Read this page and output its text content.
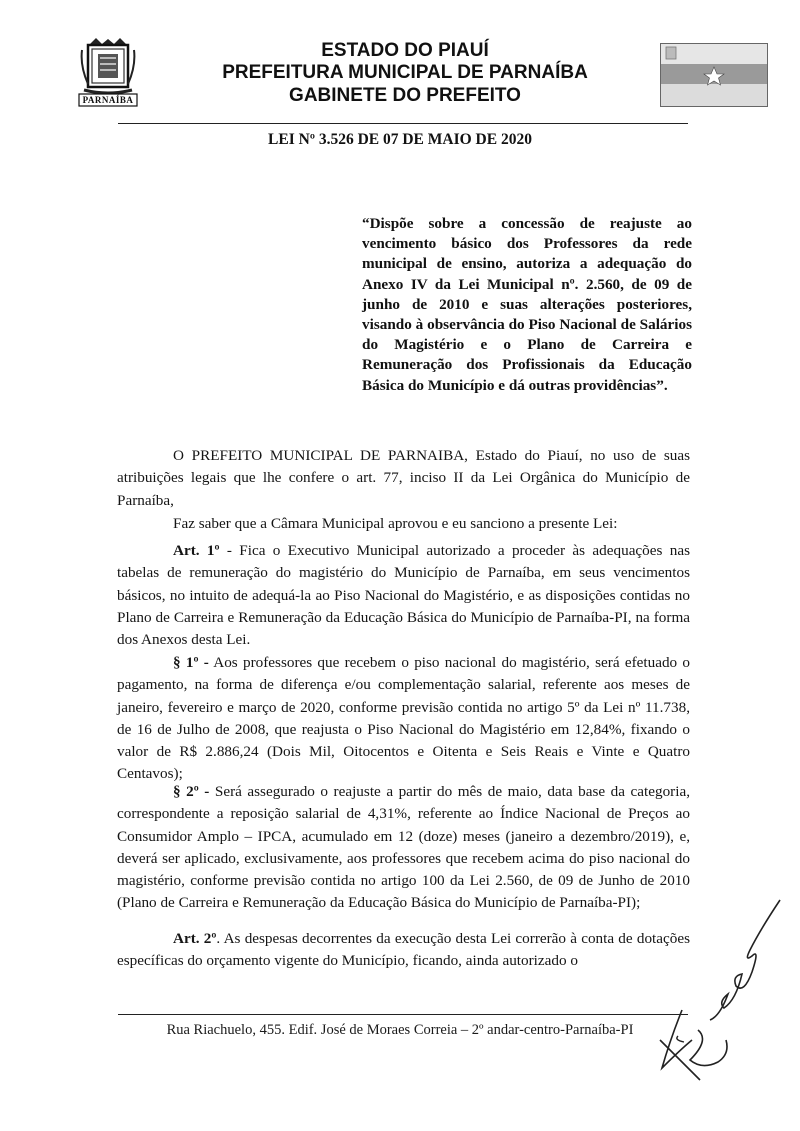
PARNAÍBA
ESTADO DO PIAUÍ
PREFEITURA MUNICIPAL DE PARNAÍBA
GABINETE DO PREFEITO
LEI Nº 3.526 DE 07 DE MAIO DE 2020
“Dispõe sobre a concessão de reajuste ao vencimento básico dos Professores da rede municipal de ensino, autoriza a adequação do Anexo IV da Lei Municipal nº. 2.560, de 09 de junho de 2010 e suas alterações posteriores, visando à observância do Piso Nacional de Salários do Magistério e o Plano de Carreira e Remuneração dos Profissionais da Educação Básica do Município e dá outras providências”.

O PREFEITO MUNICIPAL DE PARNAIBA, Estado do Piauí, no uso de suas atribuições legais que lhe confere o art. 77, inciso II da Lei Orgânica do Município de Parnaíba,

Faz saber que a Câmara Municipal aprovou e eu sanciono a presente Lei:

Art. 1º - Fica o Executivo Municipal autorizado a proceder às adequações nas tabelas de remuneração do magistério do Município de Parnaíba, em seus vencimentos básicos, no intuito de adequá-la ao Piso Nacional do Magistério, e as disposições contidas no Plano de Carreira e Remuneração da Educação Básica do Município de Parnaíba-PI, na forma dos Anexos desta Lei.

§ 1º - Aos professores que recebem o piso nacional do magistério, será efetuado o pagamento, na forma de diferença e/ou complementação salarial, referente aos meses de janeiro, fevereiro e março de 2020, conforme previsão contida no artigo 5º da Lei nº 11.738, de 16 de Julho de 2008, que reajusta o Piso Nacional do Magistério em 12,84%, fixando o valor de R$ 2.886,24 (Dois Mil, Oitocentos e Oitenta e Seis Reais e Vinte e Quatro Centavos);

§ 2º - Será assegurado o reajuste a partir do mês de maio, data base da categoria, correspondente a reposição salarial de 4,31%, referente ao Índice Nacional de Preços ao Consumidor Amplo – IPCA, acumulado em 12 (doze) meses (janeiro a dezembro/2019), e, deverá ser aplicado, exclusivamente, aos professores que recebem acima do piso nacional do magistério, conforme previsão contida no artigo 100 da Lei 2.560, de 09 de Junho de 2010 (Plano de Carreira e Remuneração da Educação Básica do Município de Parnaíba-PI);

Art. 2º. As despesas decorrentes da execução desta Lei correrão à conta de dotações específicas do orçamento vigente do Município, ficando, ainda autorizado o

Rua Riachuelo, 455. Edif. José de Moraes Correia – 2º andar-centro-Parnaíba-PI
